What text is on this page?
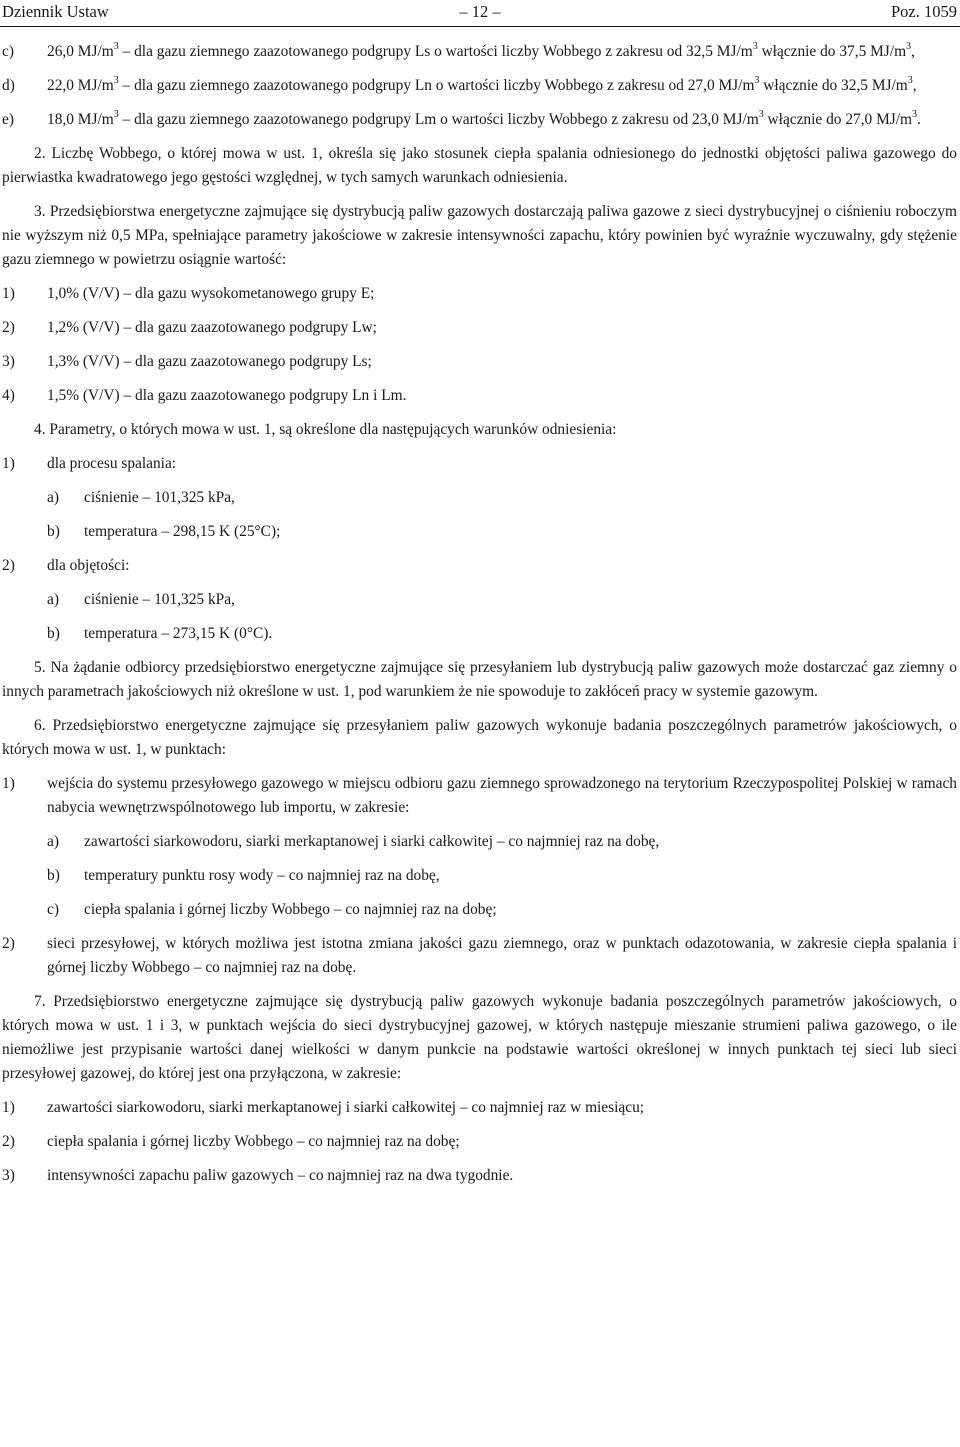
Dziennik Ustaw	– 12 –	Poz. 1059
c) 26,0 $MJ/m^3$ – dla gazu ziemnego zaazotowanego podgrupy Ls o wartości liczby Wobbego z zakresu od 32,5 $MJ/m^3$ włącznie do 37,5 $MJ/m^3$,
d) 22,0 $MJ/m^3$ – dla gazu ziemnego zaazotowanego podgrupy Ln o wartości liczby Wobbego z zakresu od 27,0 $MJ/m^3$ włącznie do 32,5 $MJ/m^3$,
e) 18,0 $MJ/m^3$ – dla gazu ziemnego zaazotowanego podgrupy Lm o wartości liczby Wobbego z zakresu od 23,0 $MJ/m^3$ włącznie do 27,0 $MJ/m^3$.
2. Liczbę Wobbego, o której mowa w ust. 1, określa się jako stosunek ciepła spalania odniesionego do jednostki objętości paliwa gazowego do pierwiastka kwadratowego jego gęstości względnej, w tych samych warunkach odniesienia.
3. Przedsiębiorstwa energetyczne zajmujące się dystrybucją paliw gazowych dostarczają paliwa gazowe z sieci dystrybucyjnej o ciśnieniu roboczym nie wyższym niż 0,5 MPa, spełniające parametry jakościowe w zakresie intensywności zapachu, który powinien być wyraźnie wyczuwalny, gdy stężenie gazu ziemnego w powietrzu osiągnie wartość:
1) 1,0% (V/V) – dla gazu wysokometanowego grupy E;
2) 1,2% (V/V) – dla gazu zaazotowanego podgrupy Lw;
3) 1,3% (V/V) – dla gazu zaazotowanego podgrupy Ls;
4) 1,5% (V/V) – dla gazu zaazotowanego podgrupy Ln i Lm.
4. Parametry, o których mowa w ust. 1, są określone dla następujących warunków odniesienia:
1) dla procesu spalania:
a) ciśnienie – 101,325 kPa,
b) temperatura – 298,15 K (25°C);
2) dla objętości:
a) ciśnienie – 101,325 kPa,
b) temperatura – 273,15 K (0°C).
5. Na żądanie odbiorcy przedsiębiorstwo energetyczne zajmujące się przesyłaniem lub dystrybucją paliw gazowych może dostarczać gaz ziemny o innych parametrach jakościowych niż określone w ust. 1, pod warunkiem że nie spowoduje to zakłóceń pracy w systemie gazowym.
6. Przedsiębiorstwo energetyczne zajmujące się przesyłaniem paliw gazowych wykonuje badania poszczególnych parametrów jakościowych, o których mowa w ust. 1, w punktach:
1) wejścia do systemu przesyłowego gazowego w miejscu odbioru gazu ziemnego sprowadzonego na terytorium Rzeczypospolitej Polskiej w ramach nabycia wewnętrzwspólnotowego lub importu, w zakresie:
a) zawartości siarkowodoru, siarki merkaptanowej i siarki całkowitej – co najmniej raz na dobę,
b) temperatury punktu rosy wody – co najmniej raz na dobę,
c) ciepła spalania i górnej liczby Wobbego – co najmniej raz na dobę;
2) sieci przesyłowej, w których możliwa jest istotna zmiana jakości gazu ziemnego, oraz w punktach odazotowania, w zakresie ciepła spalania i górnej liczby Wobbego – co najmniej raz na dobę.
7. Przedsiębiorstwo energetyczne zajmujące się dystrybucją paliw gazowych wykonuje badania poszczególnych parametrów jakościowych, o których mowa w ust. 1 i 3, w punktach wejścia do sieci dystrybucyjnej gazowej, w których następuje mieszanie strumieni paliwa gazowego, o ile niemożliwe jest przypisanie wartości danej wielkości w danym punkcie na podstawie wartości określonej w innych punktach tej sieci lub sieci przesyłowej gazowej, do której jest ona przyłączona, w zakresie:
1) zawartości siarkowodoru, siarki merkaptanowej i siarki całkowitej – co najmniej raz w miesiącu;
2) ciepła spalania i górnej liczby Wobbego – co najmniej raz na dobę;
3) intensywności zapachu paliw gazowych – co najmniej raz na dwa tygodnie.
